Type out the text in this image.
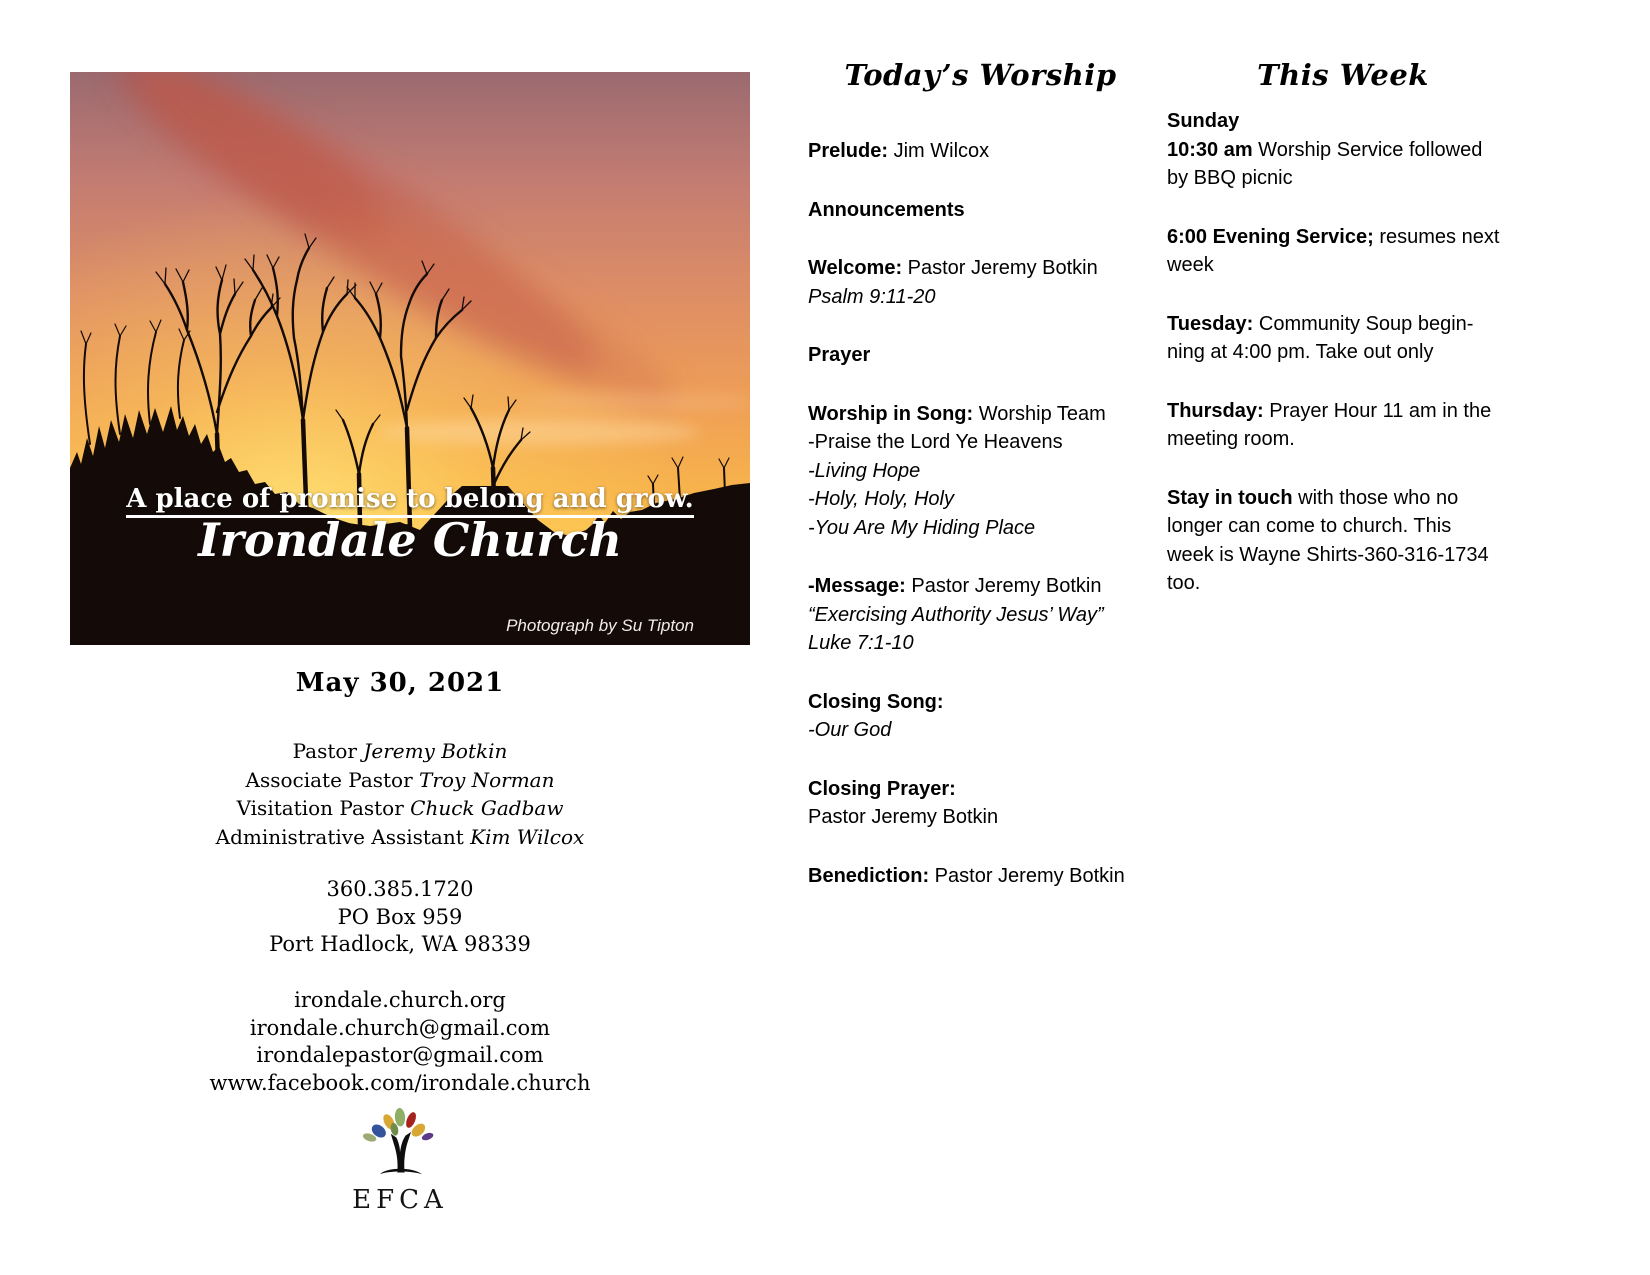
A place of promise to belong and grow.
Irondale Church
Photograph by Su Tipton
May 30, 2021
Pastor Jeremy Botkin
Associate Pastor Troy Norman
Visitation Pastor Chuck Gadbaw
Administrative Assistant Kim Wilcox
360.385.1720
PO Box 959
Port Hadlock, WA 98339
irondale.church.org
irondale.church@gmail.com
irondalepastor@gmail.com
www.facebook.com/irondale.church
EFCA
Today’s Worship
Prelude: Jim Wilcox
Announcements
Welcome: Pastor Jeremy Botkin
Psalm 9:11-20
Prayer
Worship in Song: Worship Team
-Praise the Lord Ye Heavens
-Living Hope
-Holy, Holy, Holy
-You Are My Hiding Place
-Message: Pastor Jeremy Botkin
“Exercising Authority Jesus’ Way”
Luke 7:1-10
Closing Song:
-Our God
Closing Prayer:
Pastor Jeremy Botkin
Benediction: Pastor Jeremy Botkin
This Week
Sunday
10:30 am Worship Service followed
by BBQ picnic
6:00 Evening Service; resumes next
week
Tuesday: Community Soup begin-
ning at 4:00 pm. Take out only
Thursday: Prayer Hour 11 am in the
meeting room.
Stay in touch with those who no
longer can come to church. This
week is Wayne Shirts-360-316-1734
too.
